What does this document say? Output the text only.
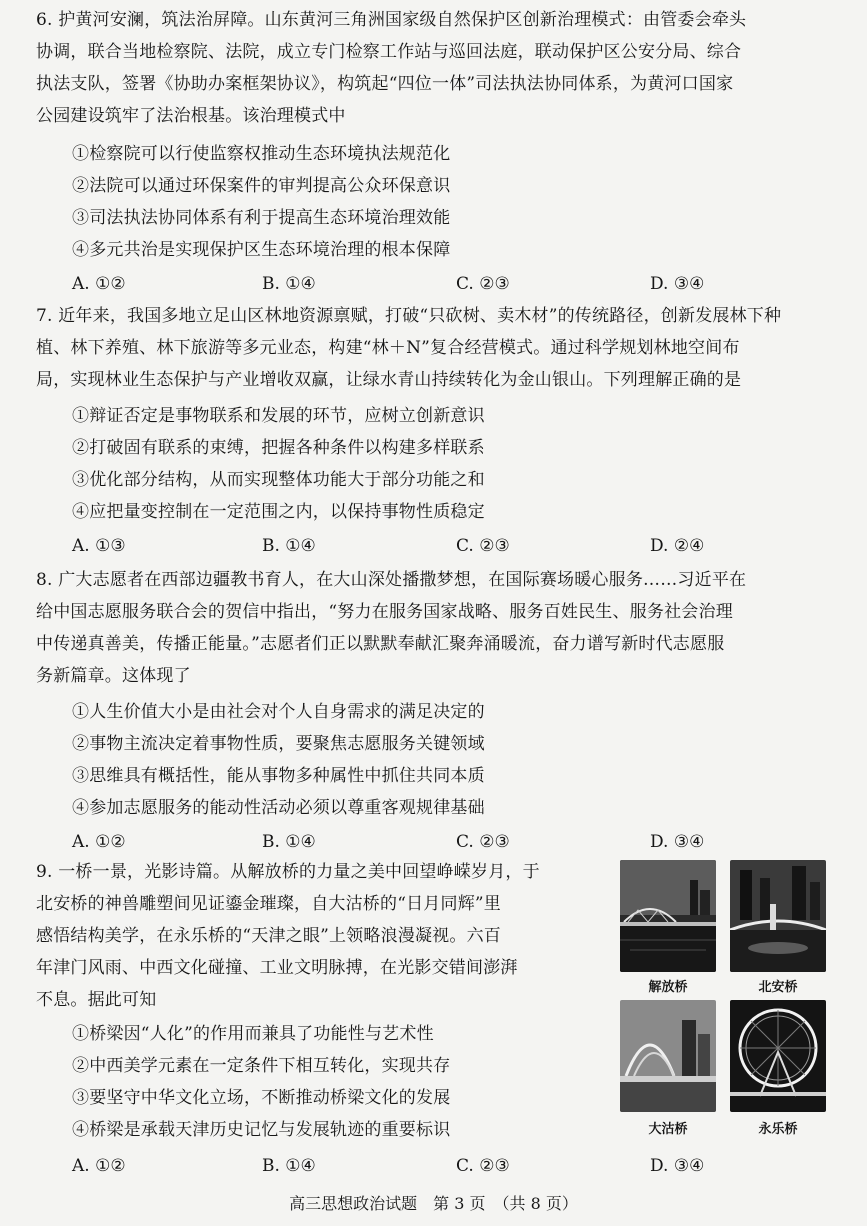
6. 护黄河安澜，筑法治屏障。山东黄河三角洲国家级自然保护区创新治理模式：由管委会牵头
协调，联合当地检察院、法院，成立专门检察工作站与巡回法庭，联动保护区公安分局、综合
执法支队，签署《协助办案框架协议》，构筑起“四位一体”司法执法协同体系，为黄河口国家
公园建设筑牢了法治根基。该治理模式中
①检察院可以行使监察权推动生态环境执法规范化
②法院可以通过环保案件的审判提高公众环保意识
③司法执法协同体系有利于提高生态环境治理效能
④多元共治是实现保护区生态环境治理的根本保障
A. ①②	B. ①④	C. ②③	D. ③④
7. 近年来，我国多地立足山区林地资源禀赋，打破“只砍树、卖木材”的传统路径，创新发展林下种
植、林下养殖、林下旅游等多元业态，构建“林＋N”复合经营模式。通过科学规划林地空间布
局，实现林业生态保护与产业增收双赢，让绿水青山持续转化为金山银山。下列理解正确的是
①辩证否定是事物联系和发展的环节，应树立创新意识
②打破固有联系的束缚，把握各种条件以构建多样联系
③优化部分结构，从而实现整体功能大于部分功能之和
④应把量变控制在一定范围之内，以保持事物性质稳定
A. ①③	B. ①④	C. ②③	D. ②④
8. 广大志愿者在西部边疆教书育人，在大山深处播撒梦想，在国际赛场暖心服务……习近平在
给中国志愿服务联合会的贺信中指出，“努力在服务国家战略、服务百姓民生、服务社会治理
中传递真善美，传播正能量。”志愿者们正以默默奉献汇聚奔涌暖流，奋力谱写新时代志愿服
务新篇章。这体现了
①人生价值大小是由社会对个人自身需求的满足决定的
②事物主流决定着事物性质，要聚焦志愿服务关键领域
③思维具有概括性，能从事物多种属性中抓住共同本质
④参加志愿服务的能动性活动必须以尊重客观规律基础
A. ①②	B. ①④	C. ②③	D. ③④
9. 一桥一景，光影诗篇。从解放桥的力量之美中回望峥嵘岁月，于
北安桥的神兽雕塑间见证鎏金璀璨，自大沽桥的“日月同辉”里
感悟结构美学，在永乐桥的“天津之眼”上领略浪漫凝视。六百
年津门风雨、中西文化碰撞、工业文明脉搏，在光影交错间澎湃
不息。据此可知
①桥梁因“人化”的作用而兼具了功能性与艺术性
②中西美学元素在一定条件下相互转化，实现共存
③要坚守中华文化立场，不断推动桥梁文化的发展
④桥梁是承载天津历史记忆与发展轨迹的重要标识
A. ①②	B. ①④	C. ②③	D. ③④
解放桥	北安桥
大沽桥	永乐桥
高三思想政治试题　第 3 页　（共 8 页）
